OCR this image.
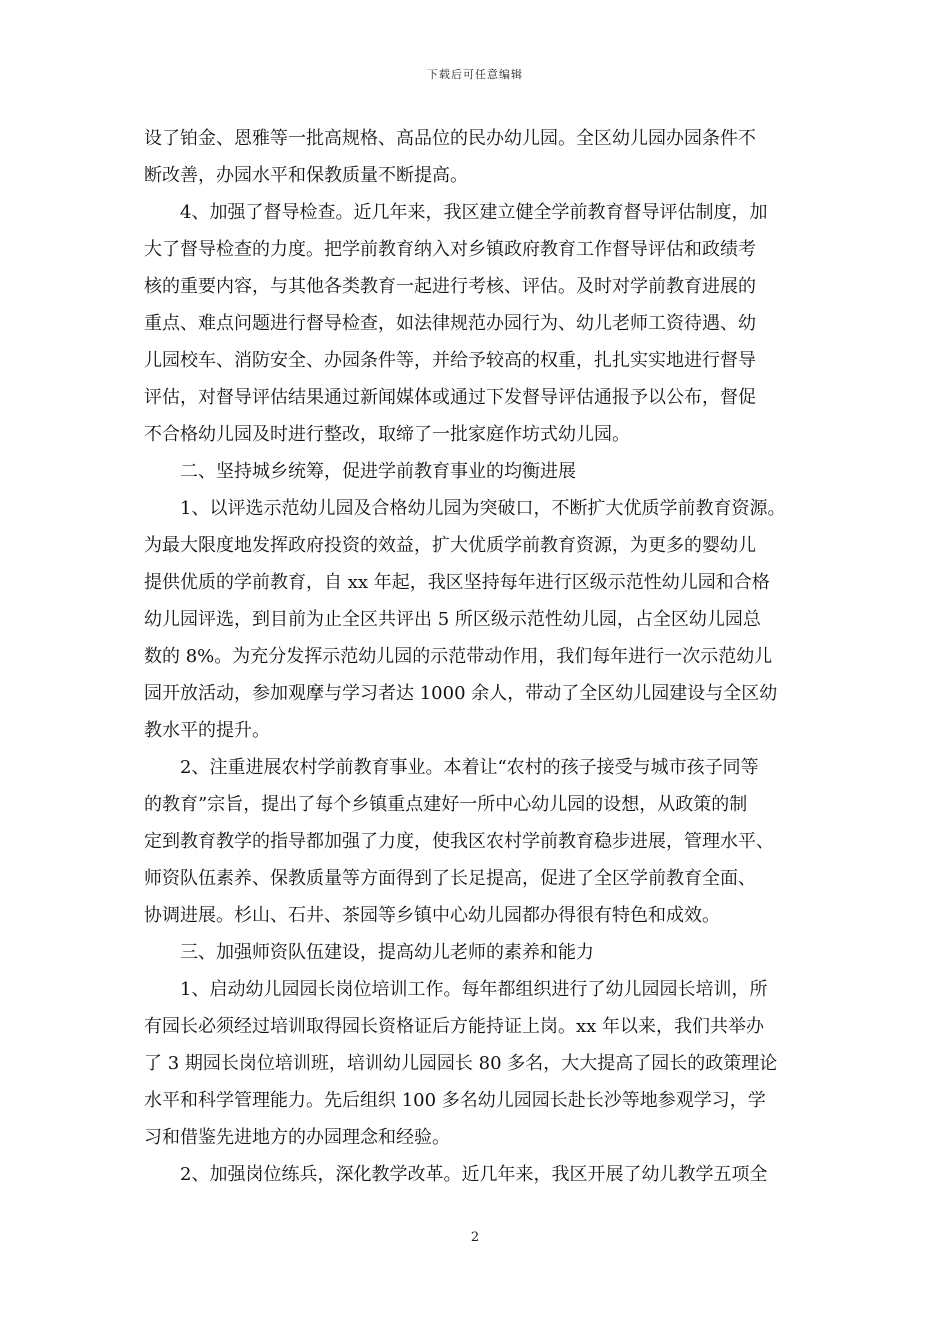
下载后可任意编辑
设了铂金、恩雅等一批高规格、高品位的民办幼儿园。全区幼儿园办园条件不
断改善，办园水平和保教质量不断提高。
　　4、加强了督导检查。近几年来，我区建立健全学前教育督导评估制度，加
大了督导检查的力度。把学前教育纳入对乡镇政府教育工作督导评估和政绩考
核的重要内容，与其他各类教育一起进行考核、评估。及时对学前教育进展的
重点、难点问题进行督导检查，如法律规范办园行为、幼儿老师工资待遇、幼
儿园校车、消防安全、办园条件等，并给予较高的权重，扎扎实实地进行督导
评估，对督导评估结果通过新闻媒体或通过下发督导评估通报予以公布，督促
不合格幼儿园及时进行整改，取缔了一批家庭作坊式幼儿园。
　　二、坚持城乡统筹，促进学前教育事业的均衡进展
　　1、以评选示范幼儿园及合格幼儿园为突破口，不断扩大优质学前教育资源。
为最大限度地发挥政府投资的效益，扩大优质学前教育资源，为更多的婴幼儿
提供优质的学前教育，自 xx 年起，我区坚持每年进行区级示范性幼儿园和合格
幼儿园评选，到目前为止全区共评出 5 所区级示范性幼儿园，占全区幼儿园总
数的 8%。为充分发挥示范幼儿园的示范带动作用，我们每年进行一次示范幼儿
园开放活动，参加观摩与学习者达 1000 余人，带动了全区幼儿园建设与全区幼
教水平的提升。
　　2、注重进展农村学前教育事业。本着让“农村的孩子接受与城市孩子同等
的教育”宗旨，提出了每个乡镇重点建好一所中心幼儿园的设想，从政策的制
定到教育教学的指导都加强了力度，使我区农村学前教育稳步进展，管理水平、
师资队伍素养、保教质量等方面得到了长足提高，促进了全区学前教育全面、
协调进展。杉山、石井、茶园等乡镇中心幼儿园都办得很有特色和成效。
　　三、加强师资队伍建设，提高幼儿老师的素养和能力
　　1、启动幼儿园园长岗位培训工作。每年都组织进行了幼儿园园长培训，所
有园长必须经过培训取得园长资格证后方能持证上岗。xx 年以来，我们共举办
了 3 期园长岗位培训班，培训幼儿园园长 80 多名，大大提高了园长的政策理论
水平和科学管理能力。先后组织 100 多名幼儿园园长赴长沙等地参观学习，学
习和借鉴先进地方的办园理念和经验。
　　2、加强岗位练兵，深化教学改革。近几年来，我区开展了幼儿教学五项全
2
